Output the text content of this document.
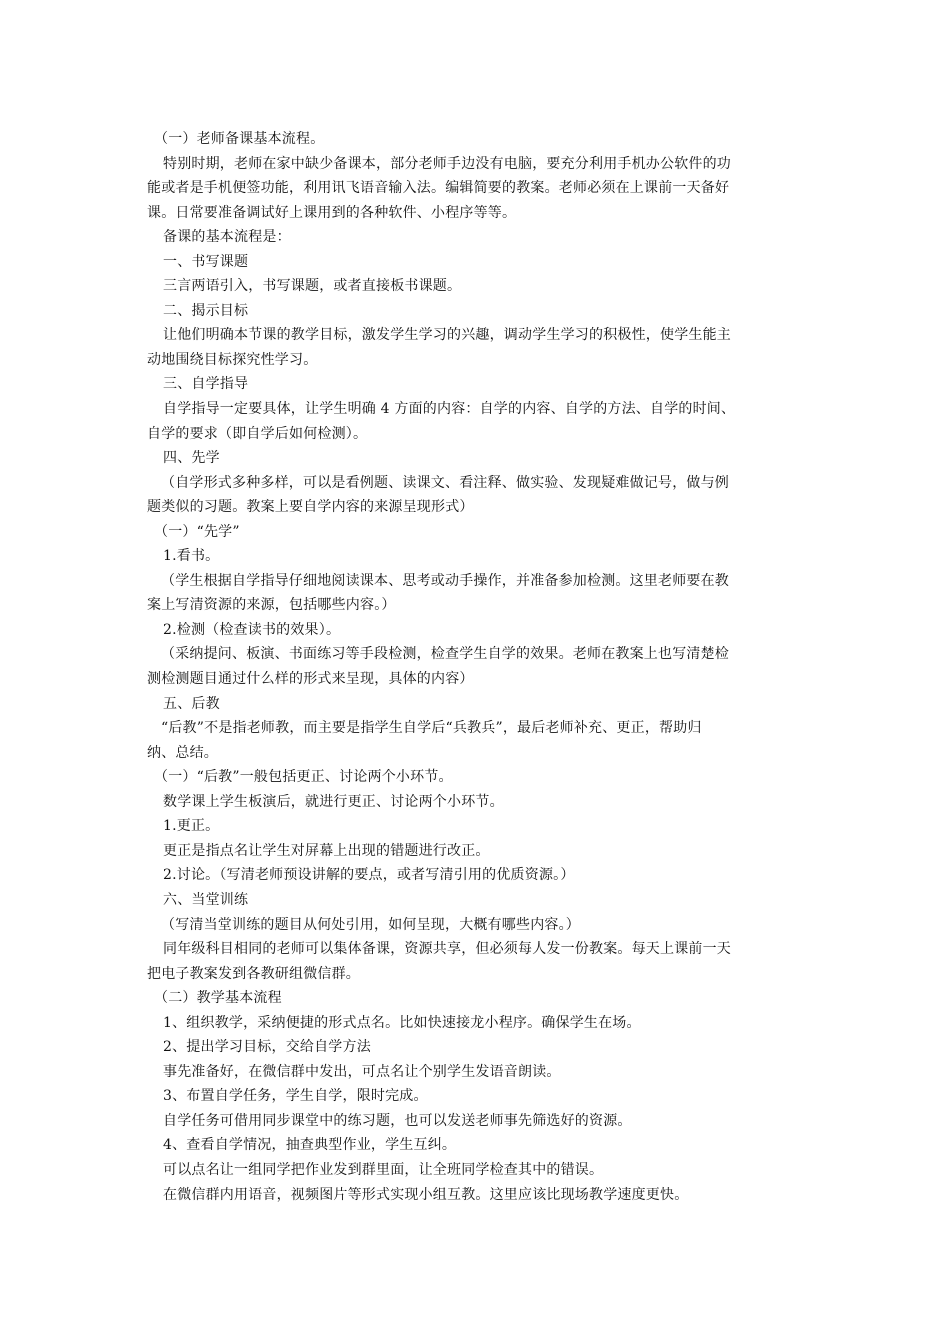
（一）老师备课基本流程。
特别时期，老师在家中缺少备课本，部分老师手边没有电脑，要充分利用手机办公软件的功
能或者是手机便签功能，利用讯飞语音输入法。编辑简要的教案。老师必须在上课前一天备好
课。日常要准备调试好上课用到的各种软件、小程序等等。
备课的基本流程是：
一、书写课题
三言两语引入，书写课题，或者直接板书课题。
二、揭示目标
让他们明确本节课的教学目标，激发学生学习的兴趣，调动学生学习的积极性，使学生能主
动地围绕目标探究性学习。
三、自学指导
自学指导一定要具体，让学生明确 4 方面的内容：自学的内容、自学的方法、自学的时间、
自学的要求（即自学后如何检测）。
四、先学
（自学形式多种多样，可以是看例题、读课文、看注释、做实验、发现疑难做记号，做与例
题类似的习题。教案上要自学内容的来源呈现形式）
（一）“先学”
1.看书。
（学生根据自学指导仔细地阅读课本、思考或动手操作，并准备参加检测。这里老师要在教
案上写清资源的来源，包括哪些内容。）
2.检测（检查读书的效果）。
（采纳提问、板演、书面练习等手段检测，检查学生自学的效果。老师在教案上也写清楚检
测检测题目通过什么样的形式来呈现，具体的内容）
五、后教
“后教”不是指老师教，而主要是指学生自学后“兵教兵”，最后老师补充、更正，帮助归
纳、总结。
（一）“后教”一般包括更正、讨论两个小环节。
数学课上学生板演后，就进行更正、讨论两个小环节。
1.更正。
更正是指点名让学生对屏幕上出现的错题进行改正。
2.讨论。（写清老师预设讲解的要点，或者写清引用的优质资源。）
六、当堂训练
（写清当堂训练的题目从何处引用，如何呈现，大概有哪些内容。）
同年级科目相同的老师可以集体备课，资源共享，但必须每人发一份教案。每天上课前一天
把电子教案发到各教研组微信群。
（二）教学基本流程
1、组织教学，采纳便捷的形式点名。比如快速接龙小程序。确保学生在场。
2、提出学习目标，交给自学方法
事先准备好，在微信群中发出，可点名让个别学生发语音朗读。
3、布置自学任务，学生自学，限时完成。
自学任务可借用同步课堂中的练习题，也可以发送老师事先筛选好的资源。
4、查看自学情况，抽查典型作业，学生互纠。
可以点名让一组同学把作业发到群里面，让全班同学检查其中的错误。
在微信群内用语音，视频图片等形式实现小组互教。这里应该比现场教学速度更快。
